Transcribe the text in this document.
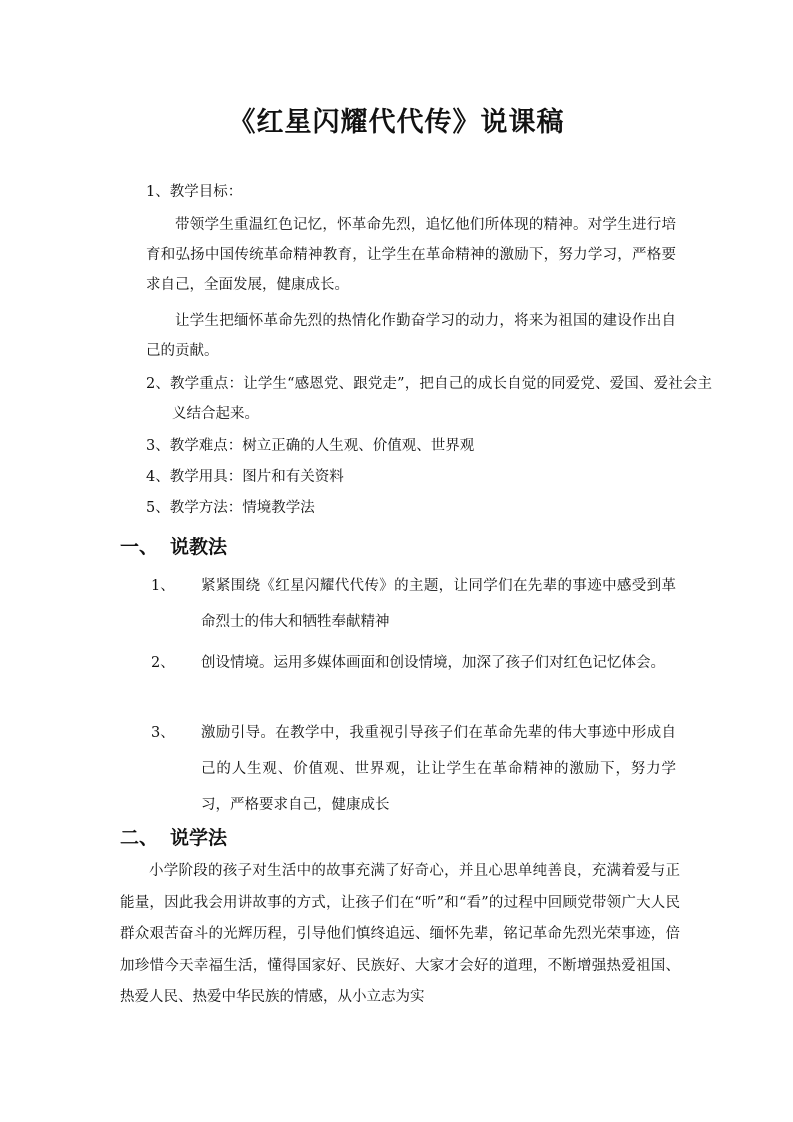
《红星闪耀代代传》说课稿

1、教学目标：

带领学生重温红色记忆，怀革命先烈，追忆他们所体现的精神。对学生进行培育和弘扬中国传统革命精神教育，让学生在革命精神的激励下，努力学习，严格要求自己，全面发展，健康成长。

让学生把缅怀革命先烈的热情化作勤奋学习的动力，将来为祖国的建设作出自己的贡献。

2、教学重点：让学生“感恩党、跟党走”，把自己的成长自觉的同爱党、爱国、爱社会主义结合起来。

3、教学难点：树立正确的人生观、价值观、世界观

4、教学用具：图片和有关资料

5、教学方法：情境教学法

一、 说教法
1、 紧紧围绕《红星闪耀代代传》的主题，让同学们在先辈的事迹中感受到革命烈士的伟大和牺牲奉献精神
2、 创设情境。运用多媒体画面和创设情境，加深了孩子们对红色记忆体会。
3、 激励引导。在教学中，我重视引导孩子们在革命先辈的伟大事迹中形成自己的人生观、价值观、世界观，让让学生在革命精神的激励下，努力学习，严格要求自己，健康成长
二、 说学法

小学阶段的孩子对生活中的故事充满了好奇心，并且心思单纯善良，充满着爱与正能量，因此我会用讲故事的方式，让孩子们在“听”和“看”的过程中回顾党带领广大人民群众艰苦奋斗的光辉历程，引导他们慎终追远、缅怀先辈，铭记革命先烈光荣事迹，倍加珍惜今天幸福生活，懂得国家好、民族好、大家才会好的道理，不断增强热爱祖国、热爱人民、热爱中华民族的情感，从小立志为实
